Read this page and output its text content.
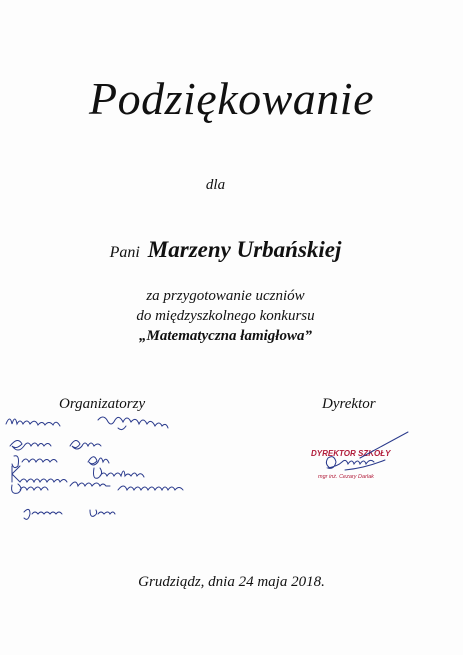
Podziękowanie
dla
Pani Marzeny Urbańskiej
za przygotowanie uczniów
do międzyszkolnego konkursu
„Matematyczna łamigłowa”
Organizatorzy	Dyrektor
DYREKTOR SZKOŁY
mgr inż. Cezary Darlak
Grudziądz, dnia 24 maja 2018.
